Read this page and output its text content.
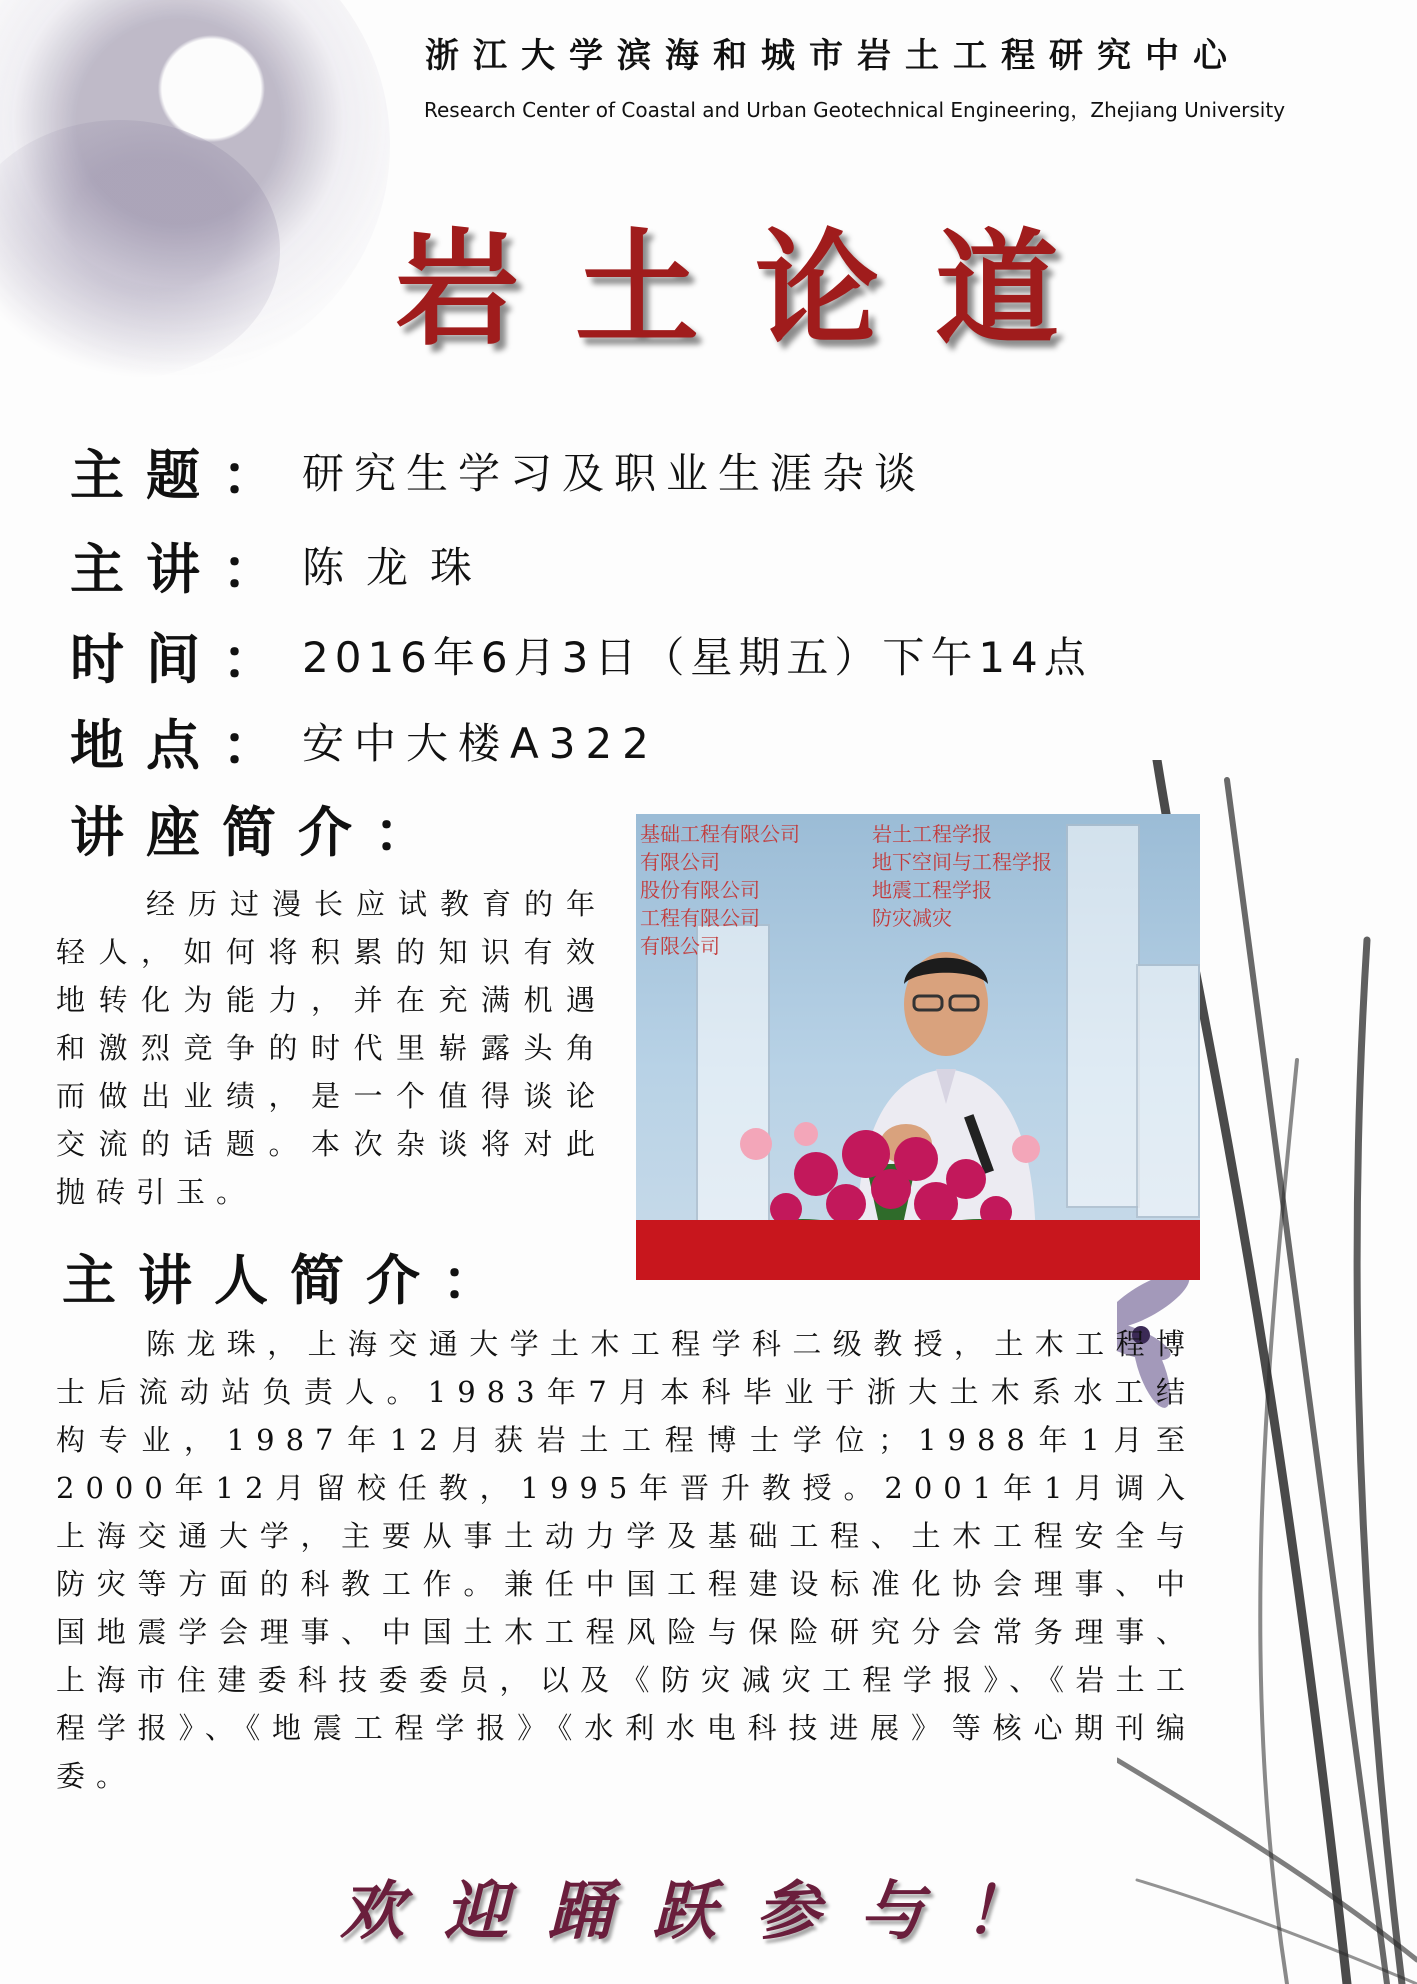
浙江大学滨海和城市岩土工程研究中心
Research Center of Coastal and Urban Geotechnical Engineering，Zhejiang University
岩土论道
主题： 研究生学习及职业生涯杂谈
主讲： 陈龙珠
时间： 2016年6月3日（星期五）下午14点
地点： 安中大楼A322
讲座简介：
经历过漫长应试教育的年轻人，如何将积累的知识有效地转化为能力，并在充满机遇和激烈竞争的时代里崭露头角而做出业绩，是一个值得谈论交流的话题。本次杂谈将对此抛砖引玉。
基础工程有限公司
有限公司
股份有限公司
工程有限公司
有限公司
岩土工程学报
地下空间与工程学报
地震工程学报
防灾减灾
主讲人简介：
陈龙珠，上海交通大学土木工程学科二级教授，土木工程博士后流动站负责人。1983年7月本科毕业于浙大土木系水工结构专业，1987年12月获岩土工程博士学位；1988年1月至2000年12月留校任教，1995年晋升教授。2001年1月调入上海交通大学，主要从事土动力学及基础工程、土木工程安全与防灾等方面的科教工作。兼任中国工程建设标准化协会理事、中国地震学会理事、中国土木工程风险与保险研究分会常务理事、上海市住建委科技委委员，以及《防灾减灾工程学报》、《岩土工程学报》、《地震工程学报》《水利水电科技进展》等核心期刊编委。
欢迎踊跃参与！
